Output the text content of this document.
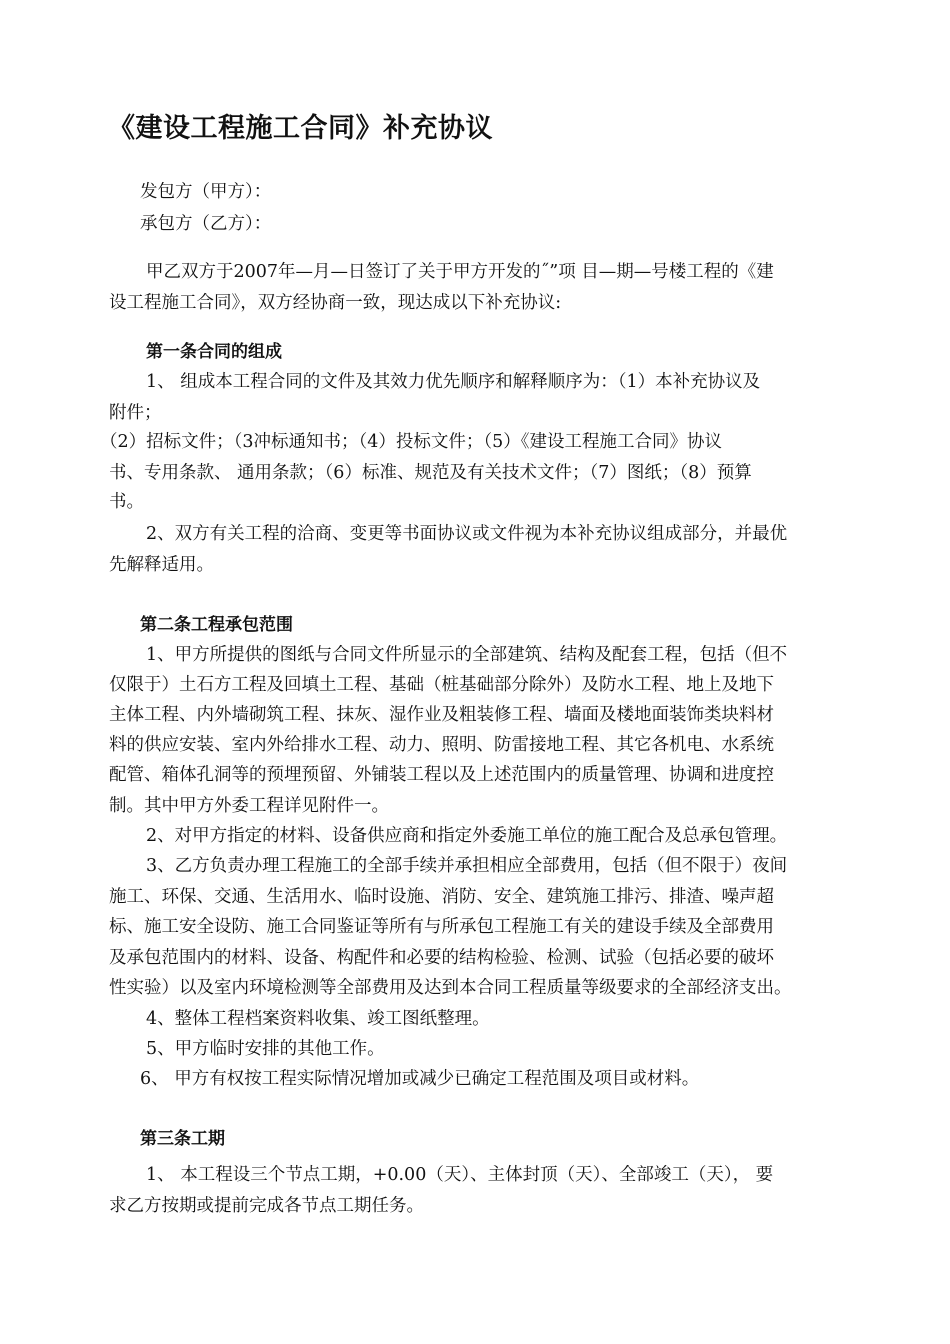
《建设工程施工合同》补充协议
发包方（甲方）：
承包方（乙方）：
甲乙双方于2007年—月—日签订了关于甲方开发的˝”项 目—期—号楼工程的《建
设工程施工合同》，双方经协商一致，现达成以下补充协议:
第一条合同的组成
1、 组成本工程合同的文件及其效力优先顺序和解释顺序为：（1）本补充协议及
附件；
（2）招标文件；（3冲标通知书；（4）投标文件；（5）《建设工程施工合同》协议
书、专用条款、 通用条款；（6）标准、规范及有关技术文件；（7）图纸；（8）预算
书。
2、双方有关工程的洽商、变更等书面协议或文件视为本补充协议组成部分，并最优
先解释适用。
第二条工程承包范围
1、甲方所提供的图纸与合同文件所显示的全部建筑、结构及配套工程，包括（但不
仅限于）土石方工程及回填土工程、基础（桩基础部分除外）及防水工程、地上及地下
主体工程、内外墙砌筑工程、抹灰、湿作业及粗装修工程、墙面及楼地面装饰类块料材
料的供应安装、室内外给排水工程、动力、照明、防雷接地工程、其它各机电、水系统
配管、箱体孔洞等的预埋预留、外铺装工程以及上述范围内的质量管理、协调和进度控
制。其中甲方外委工程详见附件一。
2、对甲方指定的材料、设备供应商和指定外委施工单位的施工配合及总承包管理。
3、乙方负责办理工程施工的全部手续并承担相应全部费用，包括（但不限于）夜间
施工、环保、交通、生活用水、临时设施、消防、安全、建筑施工排污、排渣、噪声超
标、施工安全设防、施工合同鉴证等所有与所承包工程施工有关的建设手续及全部费用
及承包范围内的材料、设备、构配件和必要的结构检验、检测、试验（包括必要的破坏
性实验）以及室内环境检测等全部费用及达到本合同工程质量等级要求的全部经济支出。
4、整体工程档案资料收集、竣工图纸整理。
5、甲方临时安排的其他工作。
6、 甲方有权按工程实际情况增加或减少已确定工程范围及项目或材料。
第三条工期
1、 本工程设三个节点工期，+0.00（天）、主体封顶（天）、全部竣工（天）， 要
求乙方按期或提前完成各节点工期任务。
